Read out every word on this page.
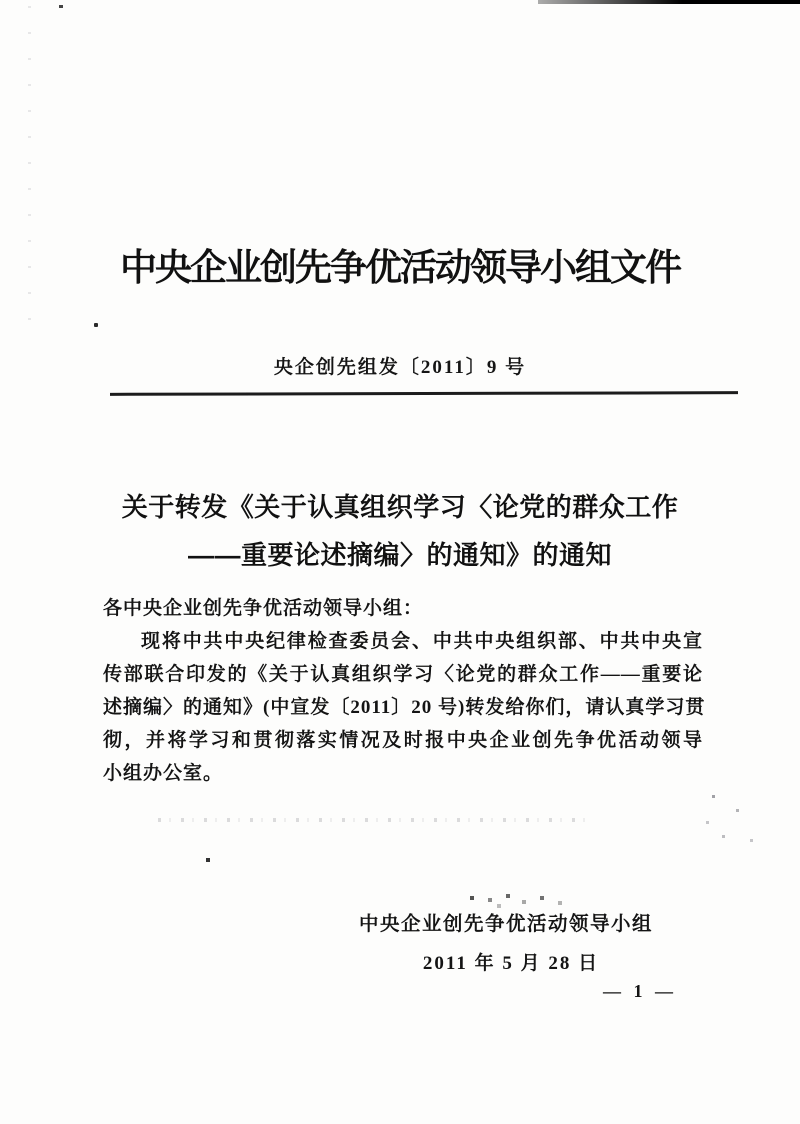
中央企业创先争优活动领导小组文件
央企创先组发〔2011〕9 号
关于转发《关于认真组织学习〈论党的群众工作
——重要论述摘编〉的通知》的通知
各中央企业创先争优活动领导小组：
现将中共中央纪律检查委员会、中共中央组织部、中共中央宣
传部联合印发的《关于认真组织学习〈论党的群众工作——重要论
述摘编〉的通知》(中宣发〔2011〕20 号)转发给你们，请认真学习贯
彻，并将学习和贯彻落实情况及时报中央企业创先争优活动领导
小组办公室。
中央企业创先争优活动领导小组
2011 年 5 月 28 日
— 1 —
